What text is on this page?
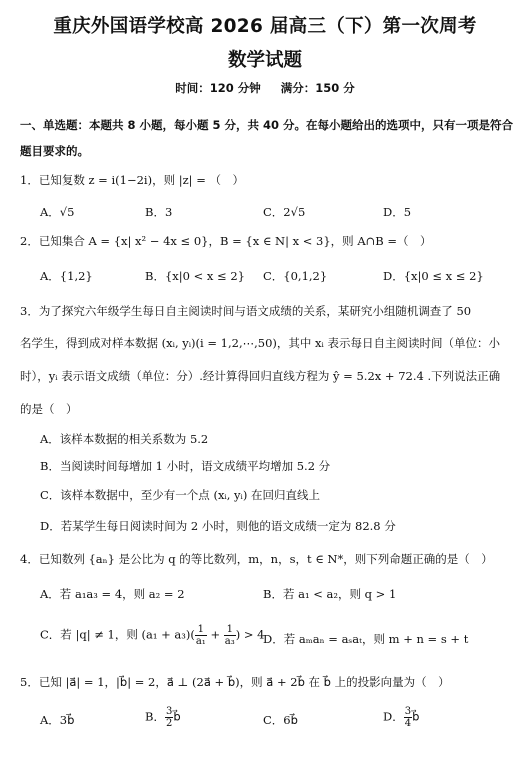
重庆外国语学校高 2026 届高三（下）第一次周考
数学试题
时间：120 分钟 满分：150 分
一、单选题：本题共 8 小题，每小题 5 分，共 40 分。在每小题给出的选项中，只有一项是符合题目要求的。
1．已知复数 z = i(1−2i)，则 |z| = （　）
A．√5	B．3	C．2√5	D．5
2．已知集合 A = {x| x² − 4x ≤ 0}，B = {x ∈ N| x < 3}，则 A∩B =（　）
A．{1,2}	B．{x|0 < x ≤ 2} C．{0,1,2}	D．{x|0 ≤ x ≤ 2}
3．为了探究六年级学生每日自主阅读时间与语文成绩的关系，某研究小组随机调查了 50
名学生，得到成对样本数据 (xᵢ, yᵢ)(i = 1,2,⋯,50)，其中 xᵢ 表示每日自主阅读时间（单位：小
时），yᵢ 表示语文成绩（单位：分）.经计算得回归直线方程为 ŷ = 5.2x + 72.4 .下列说法正确
的是（　）
A．该样本数据的相关系数为 5.2
B．当阅读时间每增加 1 小时，语文成绩平均增加 5.2 分
C．该样本数据中，至少有一个点 (xᵢ, yᵢ) 在回归直线上
D．若某学生每日阅读时间为 2 小时，则他的语文成绩一定为 82.8 分
4．已知数列 {aₙ} 是公比为 q 的等比数列，m，n，s，t ∈ N*，则下列命题正确的是（　）
A．若 a₁a₃ = 4，则 a₂ = 2	B．若 a₁ < a₂，则 q > 1
C．若 |q| ≠ 1，则 $(a_1 + a_3)( \frac{1}{\text{a₁}} + \frac{1}{\text{a₃}}$ ) > 4
D．若 aₘaₙ = aₛaₜ，则 m + n = s + t
5．已知 |a⃗| = 1，|b⃗| = 2，a⃗ ⊥ (2a⃗ + b⃗)，则 a⃗ + 2b⃗ 在 b⃗ 上的投影向量为（　）
A．3b⃗	B． $\frac{3}{2}$ b⃗	C．6b⃗	D． $\frac{3}{4}$ b⃗
